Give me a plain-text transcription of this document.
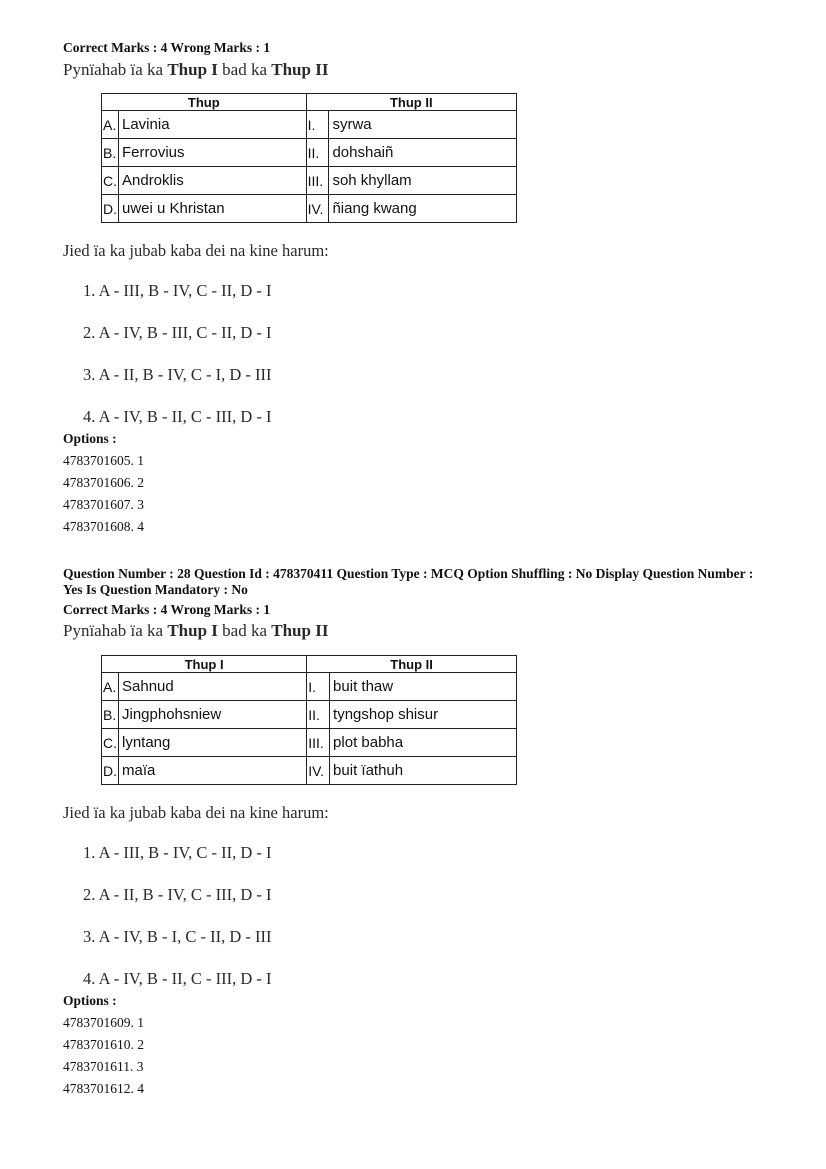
Correct Marks : 4 Wrong Marks : 1
Pynïahab ïa ka Thup I bad ka Thup II
Thup		Thup II	
A.	Lavinia	I.	syrwa
B.	Ferrovius	II.	dohshaiñ
C.	Androklis	III.	soh khyllam
D.	uwei u Khristan	IV.	ñiang kwang
Jied ïa ka jubab kaba dei na kine harum:
1. A - III, B - IV, C - II, D - I
2. A - IV, B - III, C - II, D - I
3. A - II, B - IV, C - I, D - III
4. A - IV, B - II, C - III, D - I
Options :
4783701605. 1
4783701606. 2
4783701607. 3
4783701608. 4
Question Number : 28 Question Id : 478370411 Question Type : MCQ Option Shuffling : No Display Question Number : Yes Is Question Mandatory : No
Correct Marks : 4 Wrong Marks : 1
Pynïahab ïa ka Thup I bad ka Thup II
Thup I		Thup II	
A.	Sahnud	I.	buit thaw
B.	Jingphohsniew	II.	tyngshop shisur
C.	lyntang	III.	plot babha
D.	maïa	IV.	buit ïathuh
Jied ïa ka jubab kaba dei na kine harum:
1. A - III, B - IV, C - II, D - I
2. A - II, B - IV, C - III, D - I
3. A - IV, B - I, C - II, D - III
4. A - IV, B - II, C - III, D - I
Options :
4783701609. 1
4783701610. 2
4783701611. 3
4783701612. 4
